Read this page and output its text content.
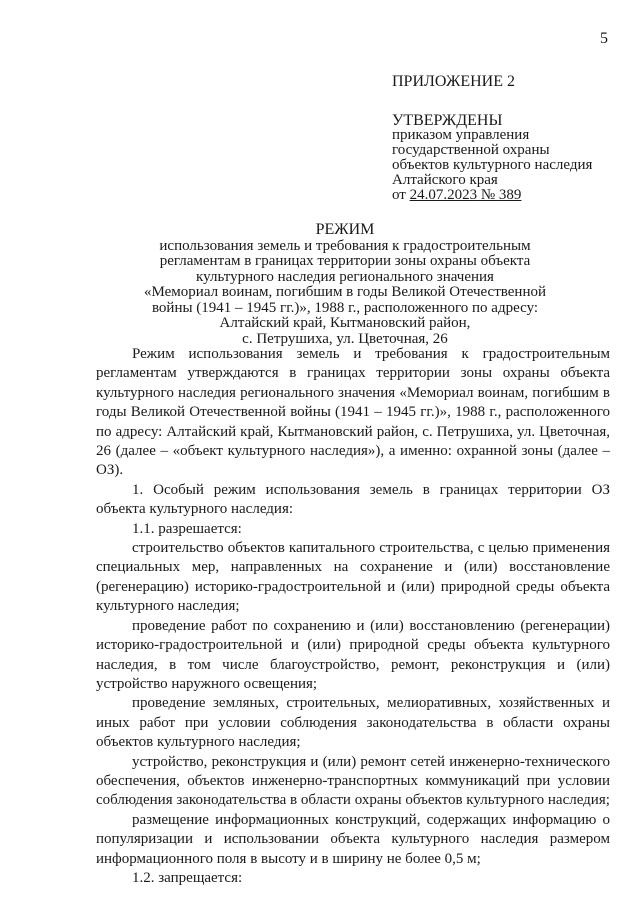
5
ПРИЛОЖЕНИЕ 2
УТВЕРЖДЕНЫ
приказом управления
государственной охраны
объектов культурного наследия
Алтайского края
от 24.07.2023 № 389
РЕЖИМ
использования земель и требования к градостроительным
регламентам в границах территории зоны охраны объекта
культурного наследия регионального значения
«Мемориал воинам, погибшим в годы Великой Отечественной
войны (1941 – 1945 гг.)», 1988 г., расположенного по адресу:
Алтайский край, Кытмановский район,
с. Петрушиха, ул. Цветочная, 26

Режим использования земель и требования к градостроительным регламентам утверждаются в границах территории зоны охраны объекта культурного наследия регионального значения «Мемориал воинам, погибшим в годы Великой Отечественной войны (1941 – 1945 гг.)», 1988 г., расположенного по адресу: Алтайский край, Кытмановский район, с. Петрушиха, ул. Цветочная, 26 (далее – «объект культурного наследия»), а именно: охранной зоны (далее – ОЗ).

1. Особый режим использования земель в границах территории ОЗ объекта культурного наследия:

1.1. разрешается:

строительство объектов капитального строительства, с целью применения специальных мер, направленных на сохранение и (или) восстановление (регенерацию) историко-градостроительной и (или) природной среды объекта культурного наследия;

проведение работ по сохранению и (или) восстановлению (регенерации) историко-градостроительной и (или) природной среды объекта культурного наследия, в том числе благоустройство, ремонт, реконструкция и (или) устройство наружного освещения;

проведение земляных, строительных, мелиоративных, хозяйственных и иных работ при условии соблюдения законодательства в области охраны объектов культурного наследия;

устройство, реконструкция и (или) ремонт сетей инженерно-технического обеспечения, объектов инженерно-транспортных коммуникаций при условии соблюдения законодательства в области охраны объектов культурного наследия;

размещение информационных конструкций, содержащих информацию о популяризации и использовании объекта культурного наследия размером информационного поля в высоту и в ширину не более 0,5 м;

1.2. запрещается:
